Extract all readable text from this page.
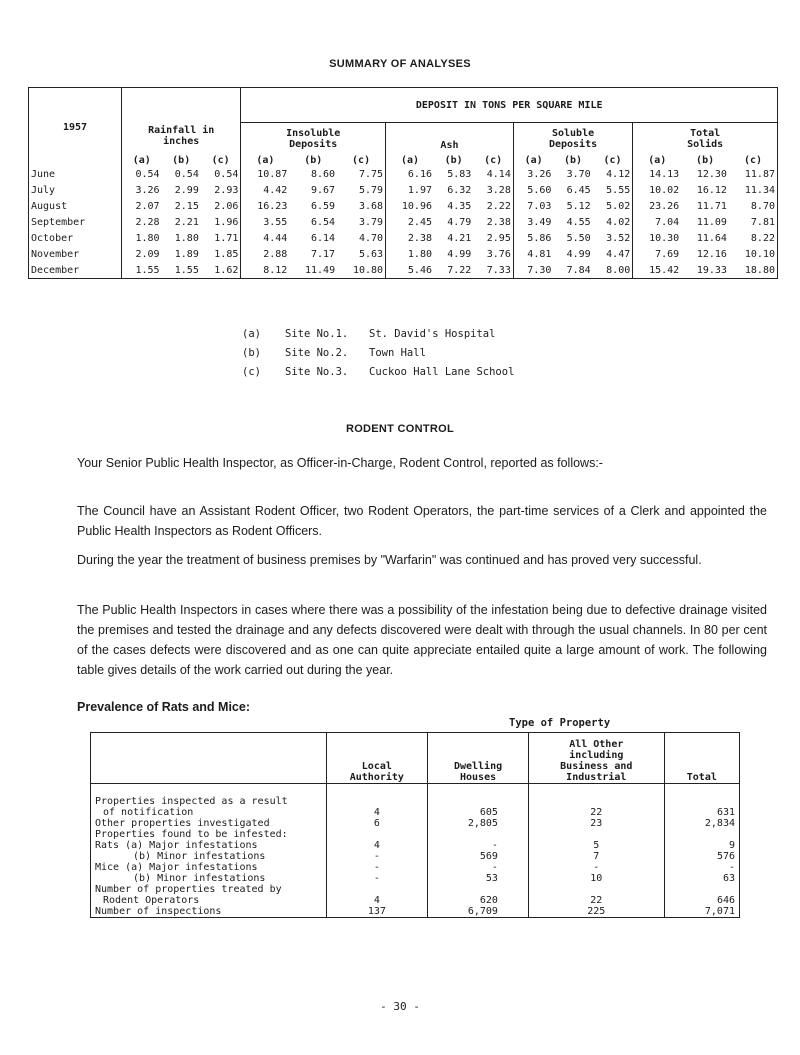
SUMMARY OF ANALYSES
1957	Rainfall in inches			DEPOSIT IN TONS PER SQUARE MILE											
				Insoluble Deposits			Ash			Soluble Deposits			Total Solids		
	(a)	(b)	(c)	(a)	(b)	(c)	(a)	(b)	(c)	(a)	(b)	(c)	(a)	(b)	(c)
June	0.54	0.54	0.54	10.87	8.60	7.75	6.16	5.83	4.14	3.26	3.70	4.12	14.13	12.30	11.87
July	3.26	2.99	2.93	4.42	9.67	5.79	1.97	6.32	3.28	5.60	6.45	5.55	10.02	16.12	11.34
August	2.07	2.15	2.06	16.23	6.59	3.68	10.96	4.35	2.22	7.03	5.12	5.02	23.26	11.71	8.70
September	2.28	2.21	1.96	3.55	6.54	3.79	2.45	4.79	2.38	3.49	4.55	4.02	7.04	11.09	7.81
October	1.80	1.80	1.71	4.44	6.14	4.70	2.38	4.21	2.95	5.86	5.50	3.52	10.30	11.64	8.22
November	2.09	1.89	1.85	2.88	7.17	5.63	1.80	4.99	3.76	4.81	4.99	4.47	7.69	12.16	10.10
December	1.55	1.55	1.62	8.12	11.49	10.80	5.46	7.22	7.33	7.30	7.84	8.00	15.42	19.33	18.80
(a) Site No.1. St. David's Hospital
(b) Site No.2. Town Hall
(c) Site No.3. Cuckoo Hall Lane School
RODENT CONTROL
Your Senior Public Health Inspector, as Officer-in-Charge, Rodent Control, reported as follows:-
The Council have an Assistant Rodent Officer, two Rodent Operators, the part-time services of a Clerk and appointed the Public Health Inspectors as Rodent Officers.
During the year the treatment of business premises by "Warfarin" was continued and has proved very successful.
The Public Health Inspectors in cases where there was a possibility of the infestation being due to defective drainage visited the premises and tested the drainage and any defects discovered were dealt with through the usual channels. In 80 per cent of the cases defects were discovered and as one can quite appreciate entailed quite a large amount of work. The following table gives details of the work carried out during the year.
Prevalence of Rats and Mice:
Type of Property
	Local Authority	Dwelling Houses	All Other including Business and Industrial	Total
Properties inspected as a result				
of notification	4	605	22	631
Other properties investigated	6	2,805	23	2,834
Properties found to be infested:				
Rats (a) Major infestations	4	-	5	9
(b) Minor infestations	-	569	7	576
Mice (a) Major infestations	-	-	-	-
(b) Minor infestations	-	53	10	63
Number of properties treated by				
Rodent Operators	4	620	22	646
Number of inspections	137	6,709	225	7,071
- 30 -
